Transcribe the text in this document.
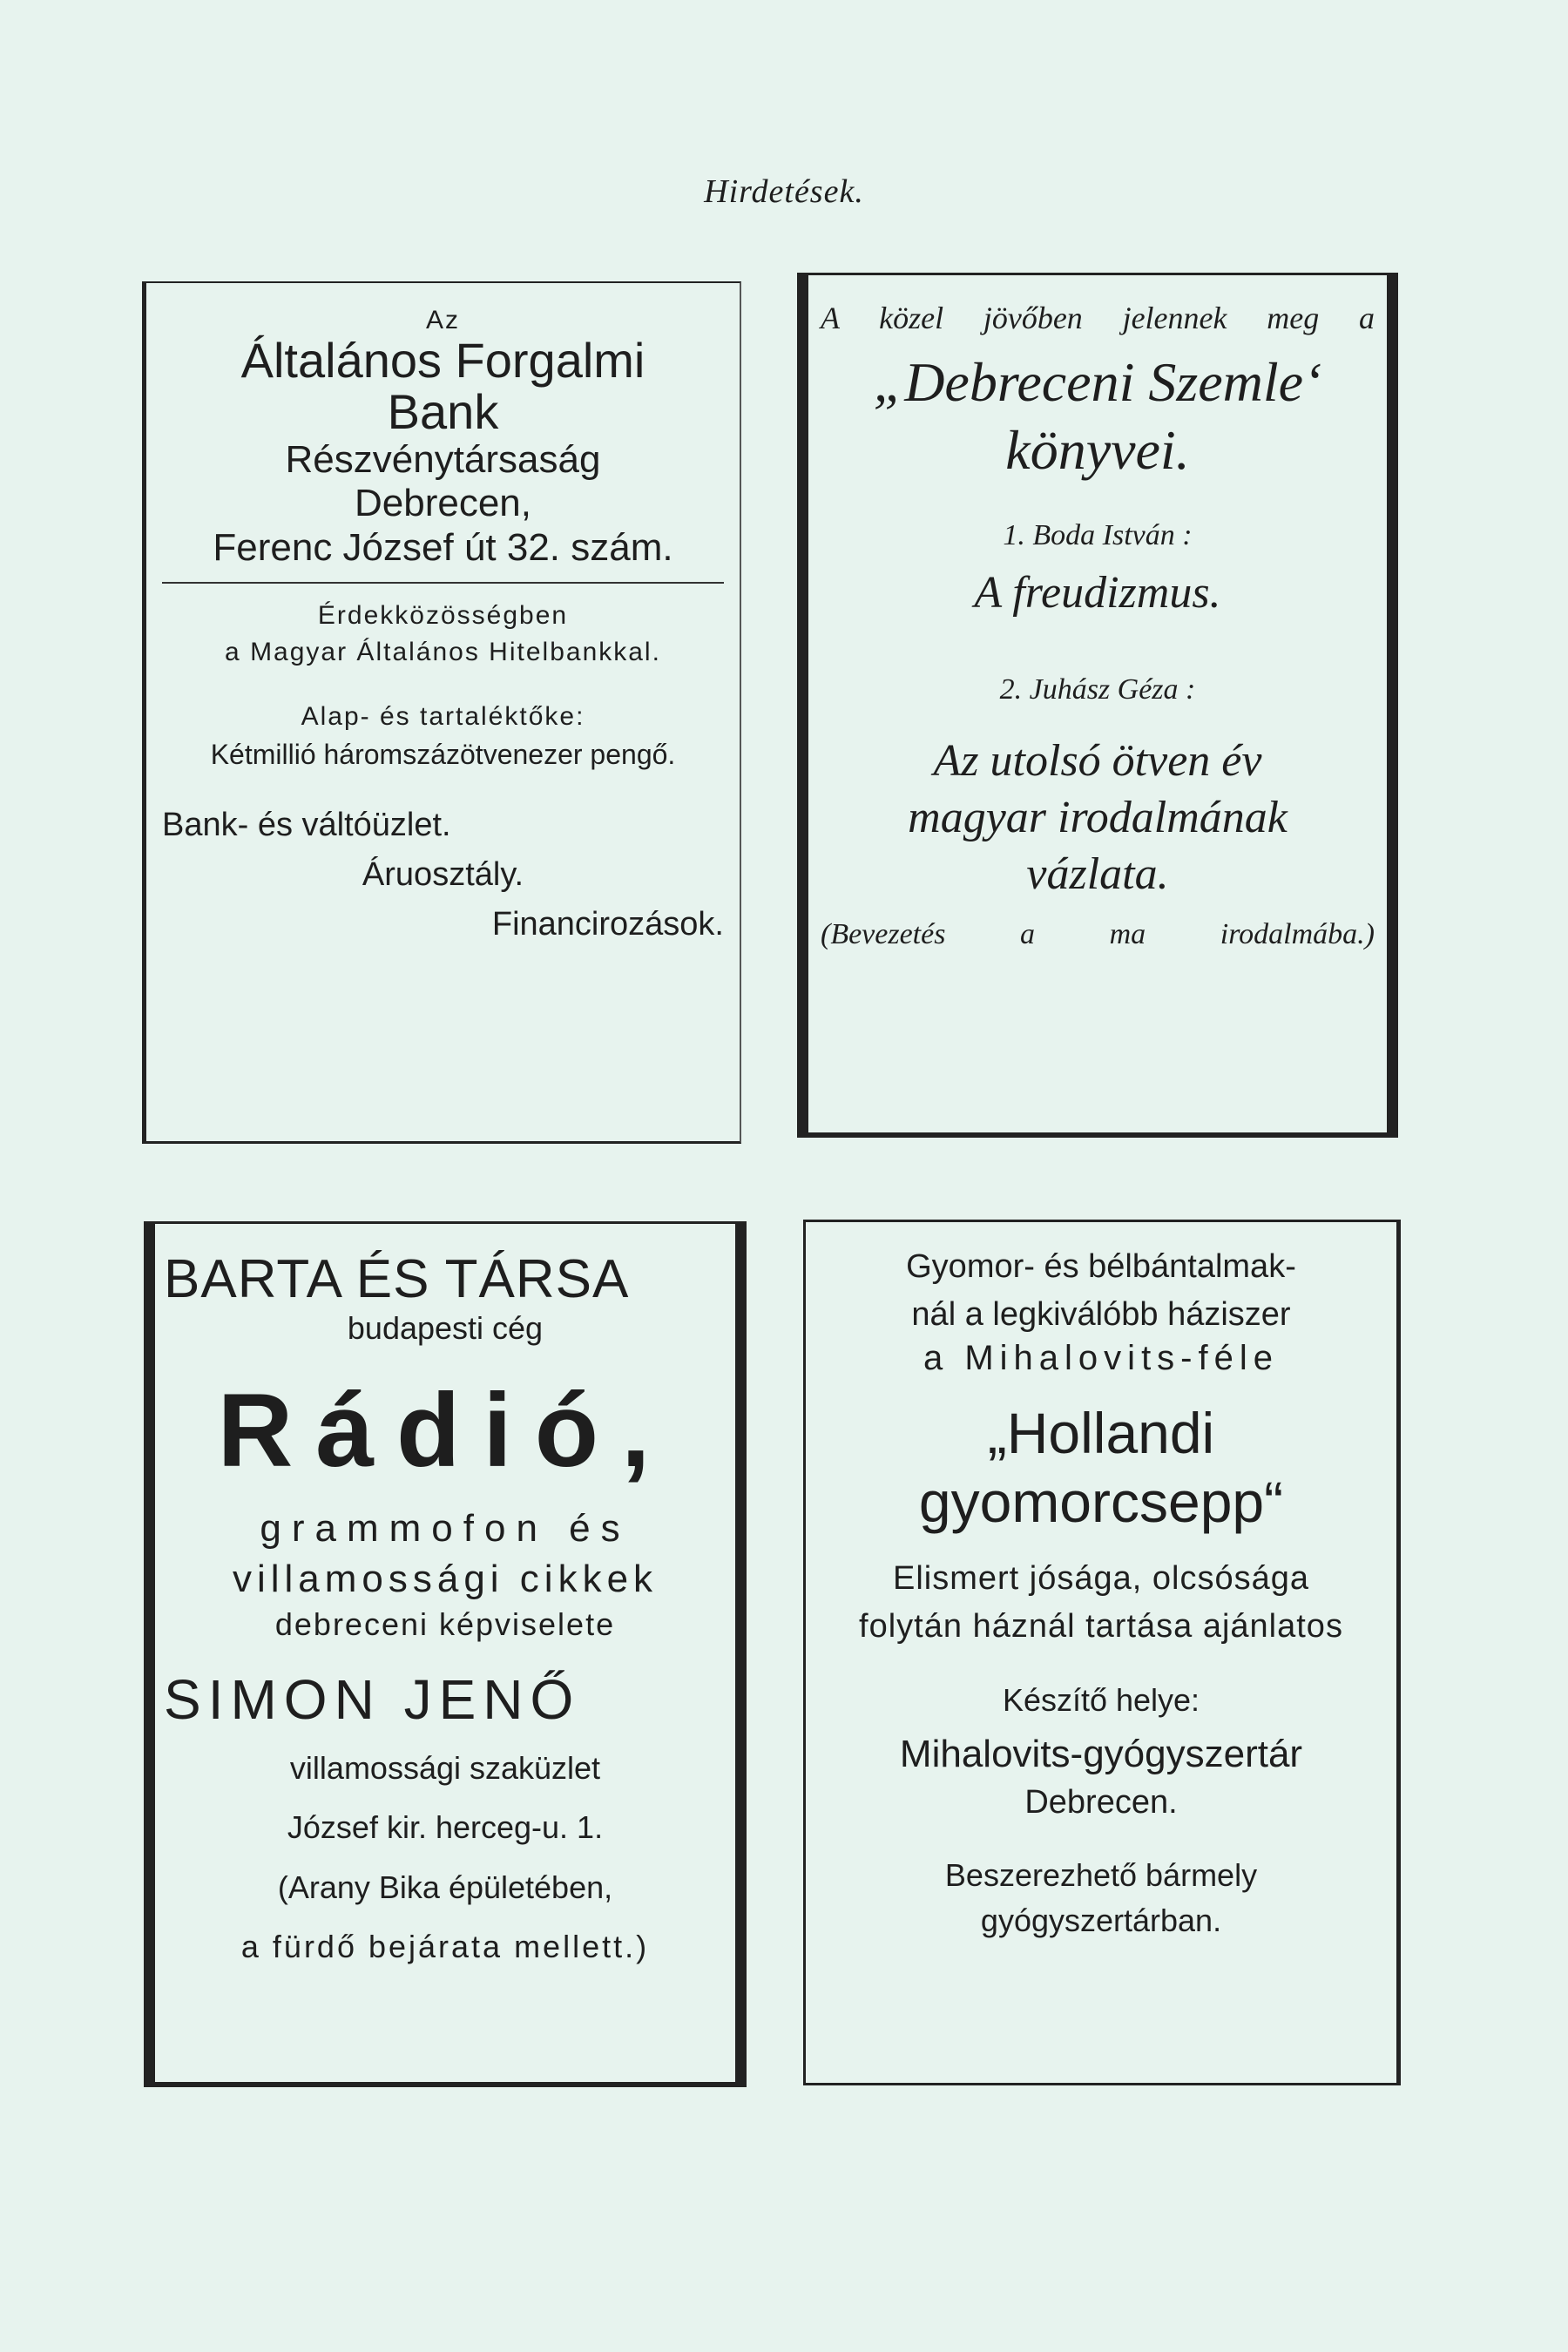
Hirdetések.
Az
Általános Forgalmi
Bank
Részvénytársaság
Debrecen,
Ferenc József út 32. szám.
Érdekközösségben
a Magyar Általános Hitelbankkal.
Alap- és tartaléktőke:
Kétmillió háromszázötvenezer pengő.
Bank- és váltóüzlet.
Áruosztály.
Financirozások.
A közel jövőben jelennek meg a
„Debreceni Szemle‘
könyvei.
1. Boda István :
A freudizmus.
2. Juhász Géza :
Az utolsó ötven év
magyar irodalmának
vázlata.
(Bevezetés a ma irodalmába.)
BARTA ÉS TÁRSA
budapesti cég
Rádió,
grammofon és
villamossági cikkek
debreceni képviselete
SIMON JENŐ
villamossági szaküzlet
József kir. herceg-u. 1.
(Arany Bika épületében,
a fürdő bejárata mellett.)
Gyomor- és bélbántalmak-
nál a legkiválóbb háziszer
a Mihalovits-féle
„Hollandi
gyomorcsepp“
Elismert jósága, olcsósága
folytán háznál tartása ajánlatos
Készítő helye:
Mihalovits-gyógyszertár
Debrecen.
Beszerezhető bármely
gyógyszertárban.
